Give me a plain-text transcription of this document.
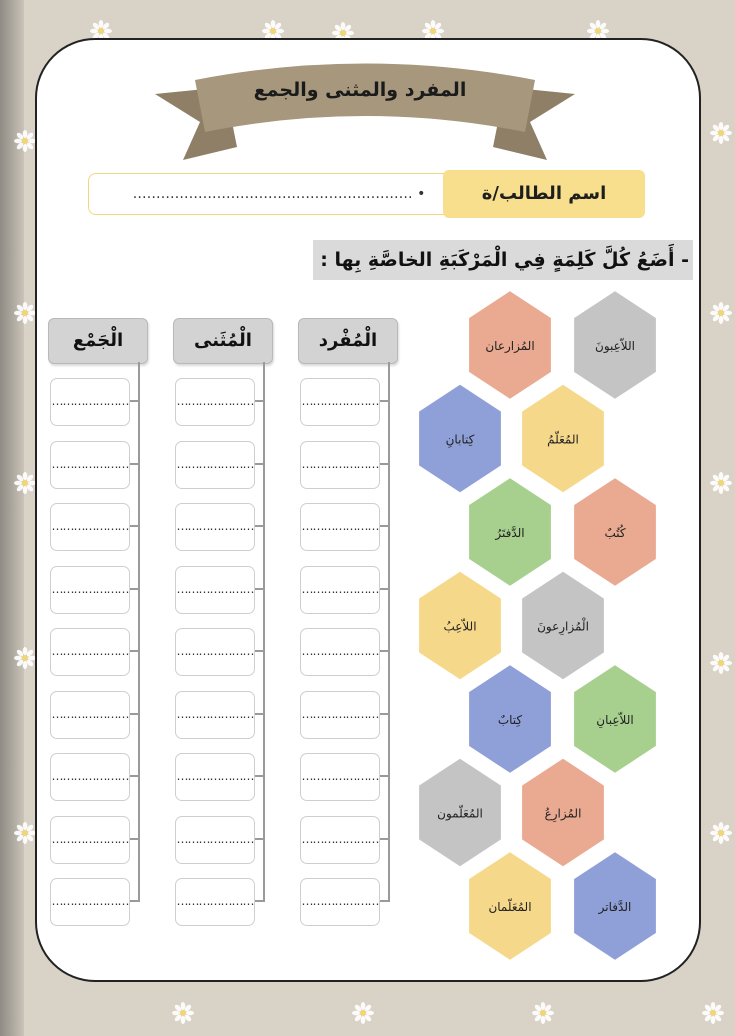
المفرد والمثنى والجمع
• ……………………………………………………	اسم الطالب/ة
- أَضَعُ كُلَّ كَلِمَةٍ فِي الْمَرْكَبَةِ الخاصَّةِ بِها :
الْمُفْرد
الْمُثَنى
الْجَمْع
…………………
…………………
…………………
…………………
…………………
…………………
…………………
…………………
…………………
…………………
…………………
…………………
…………………
…………………
…………………
…………………
…………………
…………………
…………………
…………………
…………………
…………………
…………………
…………………
…………………
…………………
…………………
اللاّعِبونَ
المُزارعان
المُعَلّمُ
كِتابانِ
كُتُبٌ
الدَّفتَرُ
الْمُزارِعونَ
اللاّعِبُ
اللاّعِبانِ
كِتابٌ
المُزارِعُ
المُعَلّمون
الدَّفاتر
المُعَلّمان
